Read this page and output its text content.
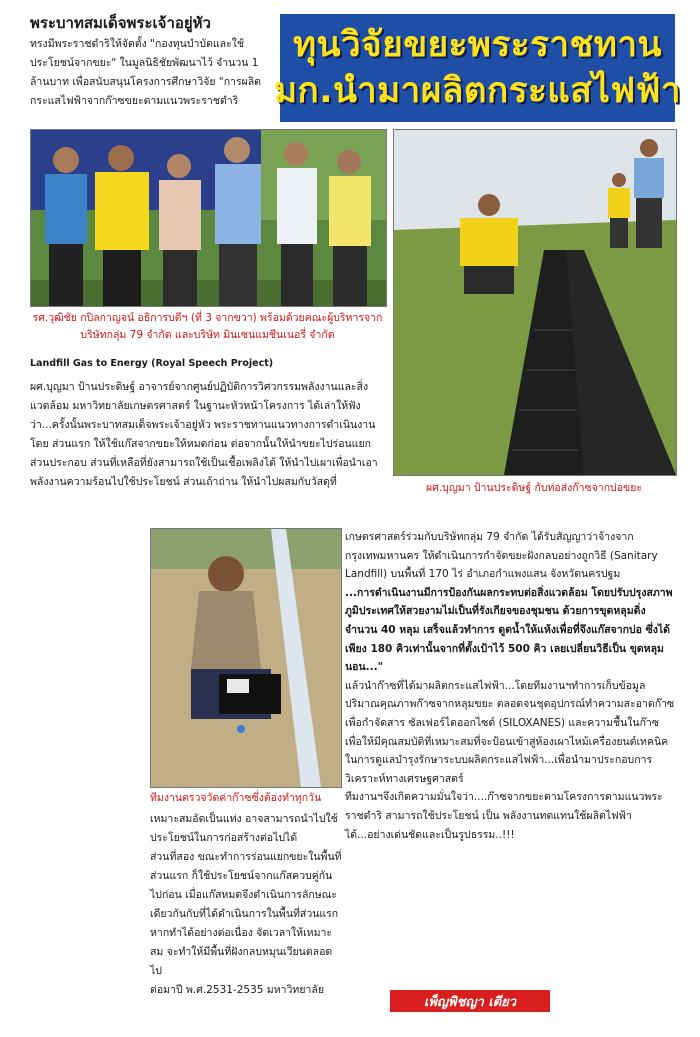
พระบาทสมเด็จพระเจ้าอยู่หัว

ทรงมีพระราชดำริให้จัดตั้ง "กองทุนบำบัดและใช้ประโยชน์จากขยะ" ในมูลนิธิชัยพัฒนาไว้ จำนวน 1 ล้านบาท เพื่อสนับสนุนโครงการศึกษาวิจัย "การผลิตกระแสไฟฟ้าจากก๊าซขยะตามแนวพระราชดำริ

ทุนวิจัยขยะพระราชทาน
มก.นำมาผลิตกระแสไฟฟ้า
รศ.วุฒิชัย กปิลกาญจน์ อธิการบดีฯ (ที่ 3 จากขวา) พร้อมด้วยคณะผู้บริหารจากบริษัทกลุ่ม 79 จำกัด และบริษัท มินเซนแมชีนเนอรี่ จำกัด
Landfill Gas to Energy (Royal Speech Project)

ผศ.บุญมา ป้านประดิษฐ์ อาจารย์จากศูนย์ปฏิบัติการวิศวกรรมพลังงานและสิ่งแวดล้อม มหาวิทยาลัยเกษตรศาสตร์ ในฐานะหัวหน้าโครงการ ได้เล่าให้ฟังว่า...ครั้งนั้นพระบาทสมเด็จพระเจ้าอยู่หัว พระราชทานแนวทางการดำเนินงาน

โดย ส่วนแรก ให้ใช้แก๊สจากขยะให้หมดก่อน ต่อจากนั้นให้นำขยะไปร่อนแยกส่วนประกอบ ส่วนที่เหลือที่ยังสามารถใช้เป็นเชื้อเพลิงได้ ให้นำไปเผาเพื่อนำเอาพลังงานความร้อนไปใช้ประโยชน์ ส่วนเถ้าถ่าน ให้นำไปผสมกับวัสดุที่	ผศ.บุญมา ป้านประดิษฐ์ กับท่อส่งก๊าซจากบ่อขยะ
ทีมงานตรวจวัดค่าก๊าซซึ่งต้องทำทุกวัน

เกษตรศาสตร์ร่วมกับบริษัทกลุ่ม 79 จำกัด ได้รับสัญญาว่าจ้างจาก กรุงเทพมหานคร ให้ดำเนินการกำจัดขยะฝังกลบอย่างถูกวิธี (Sanitary Landfill) บนพื้นที่ 170 ไร่ อำเภอกำแพงแสน จังหวัดนครปฐม

...การดำเนินงานมีการป้องกันผลกระทบต่อสิ่งแวดล้อม โดยปรับปรุงสภาพภูมิประเทศให้สวยงามไม่เป็นที่รังเกียจของชุมชน ด้วยการขุดหลุมดิ่ง จำนวน 40 หลุม เสร็จแล้วทำการ ดูดน้ำให้แห้งเพื่อที่จึงแก๊สจากบ่อ ซึ่งได้เพียง 180 คิวเท่านั้นจากที่ตั้งเป้าไว้ 500 คิว เลยเปลี่ยนวิธีเป็น ขุดหลุมนอน..."

แล้วนำก๊าซที่ได้มาผลิตกระแสไฟฟ้า...โดยทีมงานฯทำการเก็บข้อมูลปริมาณคุณภาพก๊าซจากหลุมขยะ ตลอดจนชุดอุปกรณ์ทำความสะอาดก๊าซ เพื่อกำจัดสาร ซัลเฟอร์ไดออกไซด์ (SILOXANES) และความชื้นในก๊าซเพื่อให้มีคุณสมบัติที่เหมาะสมที่จะป้อนเข้าสู่ห้องเผาไหม้เครื่องยนต์เทคนิคในการดูแลบำรุงรักษาระบบผลิตกระแสไฟฟ้า...เพื่อนำมาประกอบการวิเคราะห์ทางเศรษฐศาสตร์

ทีมงานฯจึงเกิดความมั่นใจว่า....ก๊าซจากขยะตามโครงการตามแนวพระราชดำริ สามารถใช้ประโยชน์ เป็น พลังงานทดแทนใช้ผลิตไฟฟ้าได้...อย่างเด่นชัดและเป็นรูปธรรม..!!!

เหมาะสมอัดเป็นแท่ง อาจสามารถนำไปใช้ประโยชน์ในการก่อสร้างต่อไปได้

ส่วนที่สอง ขณะทำการร่อนแยกขยะในพื้นที่ส่วนแรก ก็ใช้ประโยชน์จากแก๊สควบคู่กันไปก่อน เมื่อแก๊สหมดจึงดำเนินการลักษณะเดียวกันกับที่ได้ดำเนินการในพื้นที่ส่วนแรก หากทำได้อย่างต่อเนื่อง จัดเวลาให้เหมาะสม จะทำให้มีพื้นที่ฝังกลบหมุนเวียนตลอดไป

ต่อมาปี พ.ศ.2531-2535 มหาวิทยาลัย

เพ็ญพิชญา เตียว
